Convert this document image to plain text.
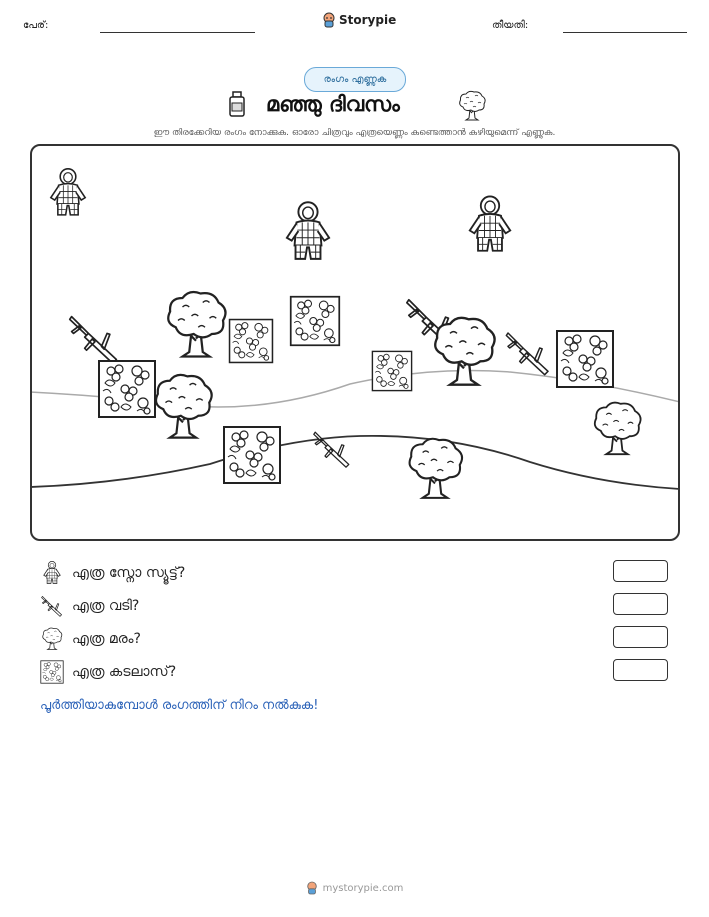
പേര്:	Storypie	തീയതി:
രംഗം എണ്ണുക
മഞ്ഞു ദിവസം
ഈ തിരക്കേറിയ രംഗം നോക്കുക. ഓരോ ചിത്രവും എത്രയെണ്ണം കണ്ടെത്താൻ കഴിയുമെന്ന് എണ്ണുക.
എത്ര സ്നോ സ്യൂട്ട്?
എത്ര വടി?
എത്ര മരം?
എത്ര കടലാസ്?
പൂർത്തിയാകുമ്പോൾ രംഗത്തിന് നിറം നൽകുക!
mystorypie.com
